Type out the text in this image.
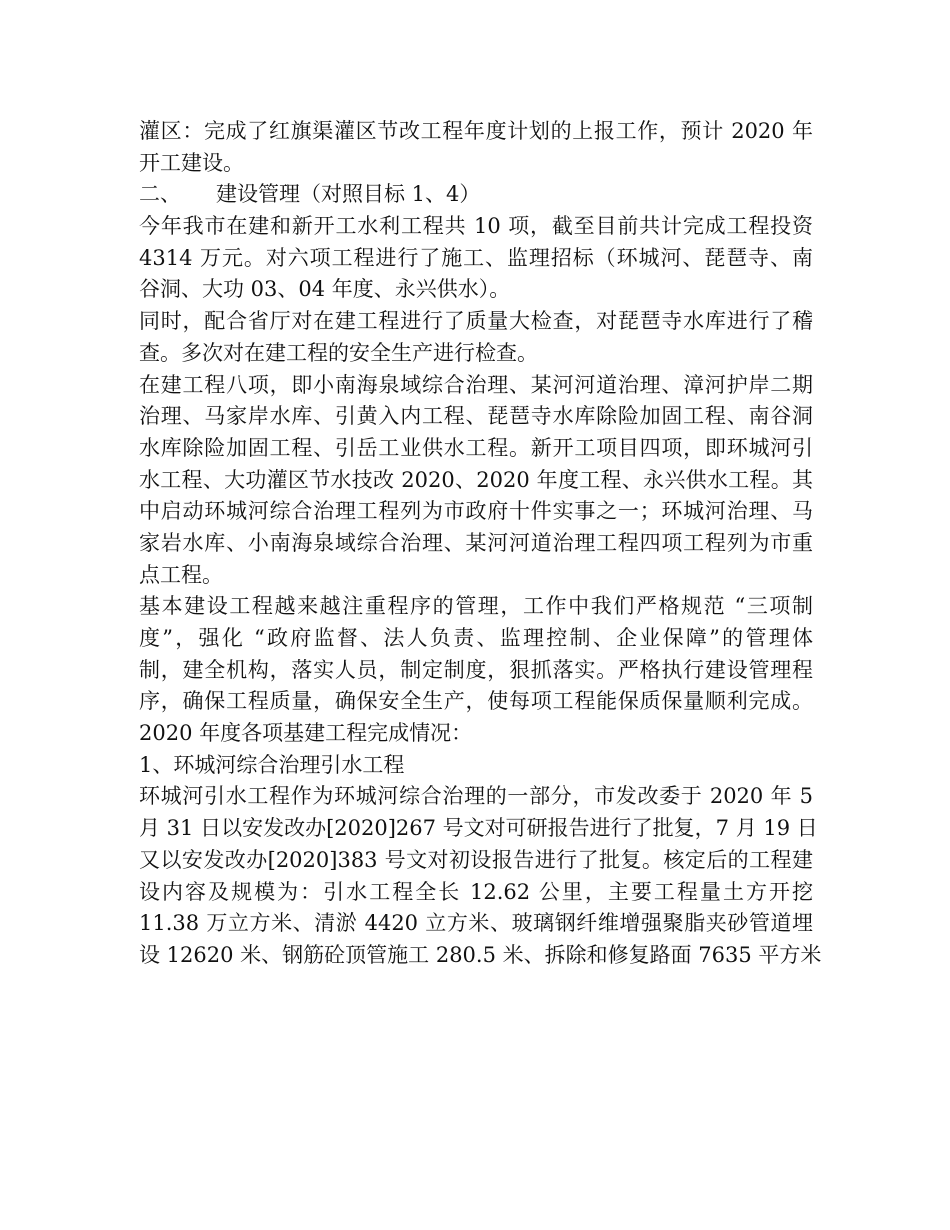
灌区：完成了红旗渠灌区节改工程年度计划的上报工作，预计 2020 年
开工建设。
二、 建设管理（对照目标 1、4）
今年我市在建和新开工水利工程共 10 项，截至目前共计完成工程投资
4314 万元。对六项工程进行了施工、监理招标（环城河、琵琶寺、南
谷洞、大功 03、04 年度、永兴供水）。
同时，配合省厅对在建工程进行了质量大检查，对琵琶寺水库进行了稽
查。多次对在建工程的安全生产进行检查。
在建工程八项，即小南海泉域综合治理、某河河道治理、漳河护岸二期
治理、马家岸水库、引黄入内工程、琵琶寺水库除险加固工程、南谷洞
水库除险加固工程、引岳工业供水工程。新开工项目四项，即环城河引
水工程、大功灌区节水技改 2020、2020 年度工程、永兴供水工程。其
中启动环城河综合治理工程列为市政府十件实事之一；环城河治理、马
家岩水库、小南海泉域综合治理、某河河道治理工程四项工程列为市重
点工程。
基本建设工程越来越注重程序的管理，工作中我们严格规范 “三项制
度”，强化 “政府监督、法人负责、监理控制、企业保障”的管理体
制，建全机构，落实人员，制定制度，狠抓落实。严格执行建设管理程
序，确保工程质量，确保安全生产，使每项工程能保质保量顺利完成。
2020 年度各项基建工程完成情况：
1、环城河综合治理引水工程
环城河引水工程作为环城河综合治理的一部分，市发改委于 2020 年 5
月 31 日以安发改办[2020]267 号文对可研报告进行了批复，7 月 19 日
又以安发改办[2020]383 号文对初设报告进行了批复。核定后的工程建
设内容及规模为：引水工程全长 12.62 公里，主要工程量土方开挖
11.38 万立方米、清淤 4420 立方米、玻璃钢纤维增强聚脂夹砂管道埋
设 12620 米、钢筋砼顶管施工 280.5 米、拆除和修复路面 7635 平方米
